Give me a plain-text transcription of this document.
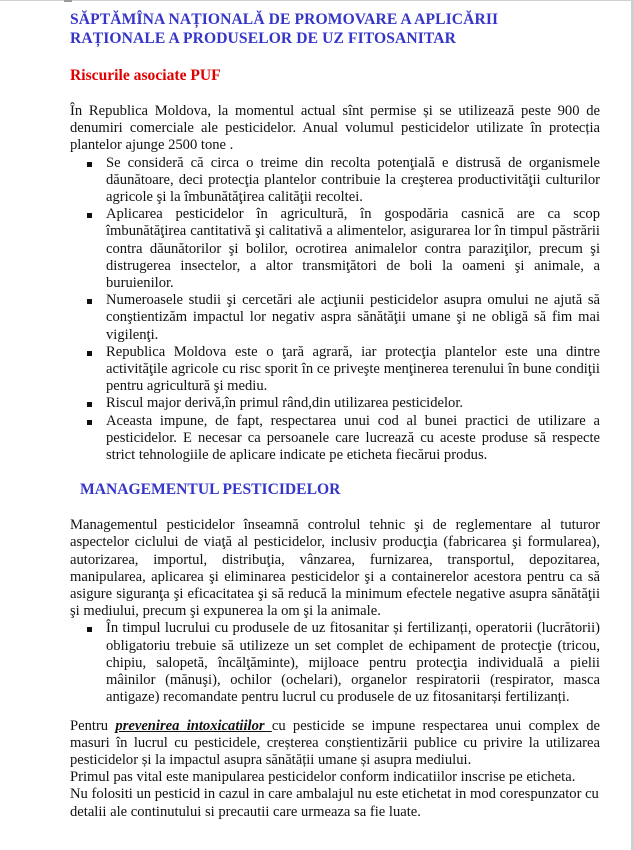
SĂPTĂMÎNA NAȚIONALĂ DE PROMOVARE A APLICĂRII
RAȚIONALE A PRODUSELOR DE UZ FITOSANITAR
Riscurile asociate PUF

În Republica Moldova, la momentul actual sînt permise și se utilizează peste 900 de denumiri comerciale ale pesticidelor. Anual volumul pesticidelor utilizate în protecția plantelor ajunge 2500 tone .

Se consideră că circa o treime din recolta potenţială e distrusă de organismele dăunătoare, deci protecţia plantelor contribuie la creşterea productivităţii culturilor agricole şi la îmbunătăţirea calităţii recoltei.
Aplicarea pesticidelor în agricultură, în gospodăria casnică are ca scop îmbunătăţirea cantitativă şi calitativă a alimentelor, asigurarea lor în timpul păstrării contra dăunătorilor şi bolilor, ocrotirea animalelor contra paraziţilor, precum şi distrugerea insectelor, a altor transmiţători de boli la oameni şi animale, a buruienilor.
Numeroasele studii şi cercetări ale acţiunii pesticidelor asupra omului ne ajută să conştientizăm impactul lor negativ aspra sănătăţii umane şi ne obligă să fim mai vigilenţi.
Republica Moldova este o ţară agrară, iar protecţia plantelor este una dintre activităţile agricole cu risc sporit în ce priveşte menţinerea terenului în bune condiţii pentru agricultură şi mediu.
Riscul major derivă,în primul rând,din utilizarea pesticidelor.
Aceasta impune, de fapt, respectarea unui cod al bunei practici de utilizare a pesticidelor. E necesar ca persoanele care lucrează cu aceste produse să respecte strict tehnologiile de aplicare indicate pe eticheta fiecărui produs.
MANAGEMENTUL PESTICIDELOR

Managementul pesticidelor înseamnă controlul tehnic şi de reglementare al tuturor aspectelor ciclului de viaţă al pesticidelor, inclusiv producţia (fabricarea şi formularea), autorizarea, importul, distribuţia, vânzarea, furnizarea, transportul, depozitarea, manipularea, aplicarea şi eliminarea pesticidelor şi a containerelor acestora pentru ca să asigure siguranţa şi eficacitatea şi să reducă la minimum efectele negative asupra sănătăţii şi mediului, precum şi expunerea la om şi la animale.

În timpul lucrului cu produsele de uz fitosanitar și fertilizanți, operatorii (lucrătorii) obligatoriu trebuie să utilizeze un set complet de echipament de protecţie (tricou, chipiu, salopetă, încălţăminte), mijloace pentru protecţia individuală a pielii mâinilor (mănuşi), ochilor (ochelari), organelor respiratorii (respirator, masca antigaze) recomandate pentru lucrul cu produsele de uz fitosanitarși fertilizanți.

Pentru prevenirea intoxicatiilor cu pesticide se impune respectarea unui complex de masuri în lucrul cu pesticidele, creșterea conștientizării publice cu privire la utilizarea pesticidelor și la impactul asupra sănătății umane și asupra mediului.

Primul pas vital este manipularea pesticidelor conform indicatiilor inscrise pe eticheta.

Nu folositi un pesticid in cazul in care ambalajul nu este etichetat in mod corespunzator cu detalii ale continutului si precautii care urmeaza sa fie luate.
